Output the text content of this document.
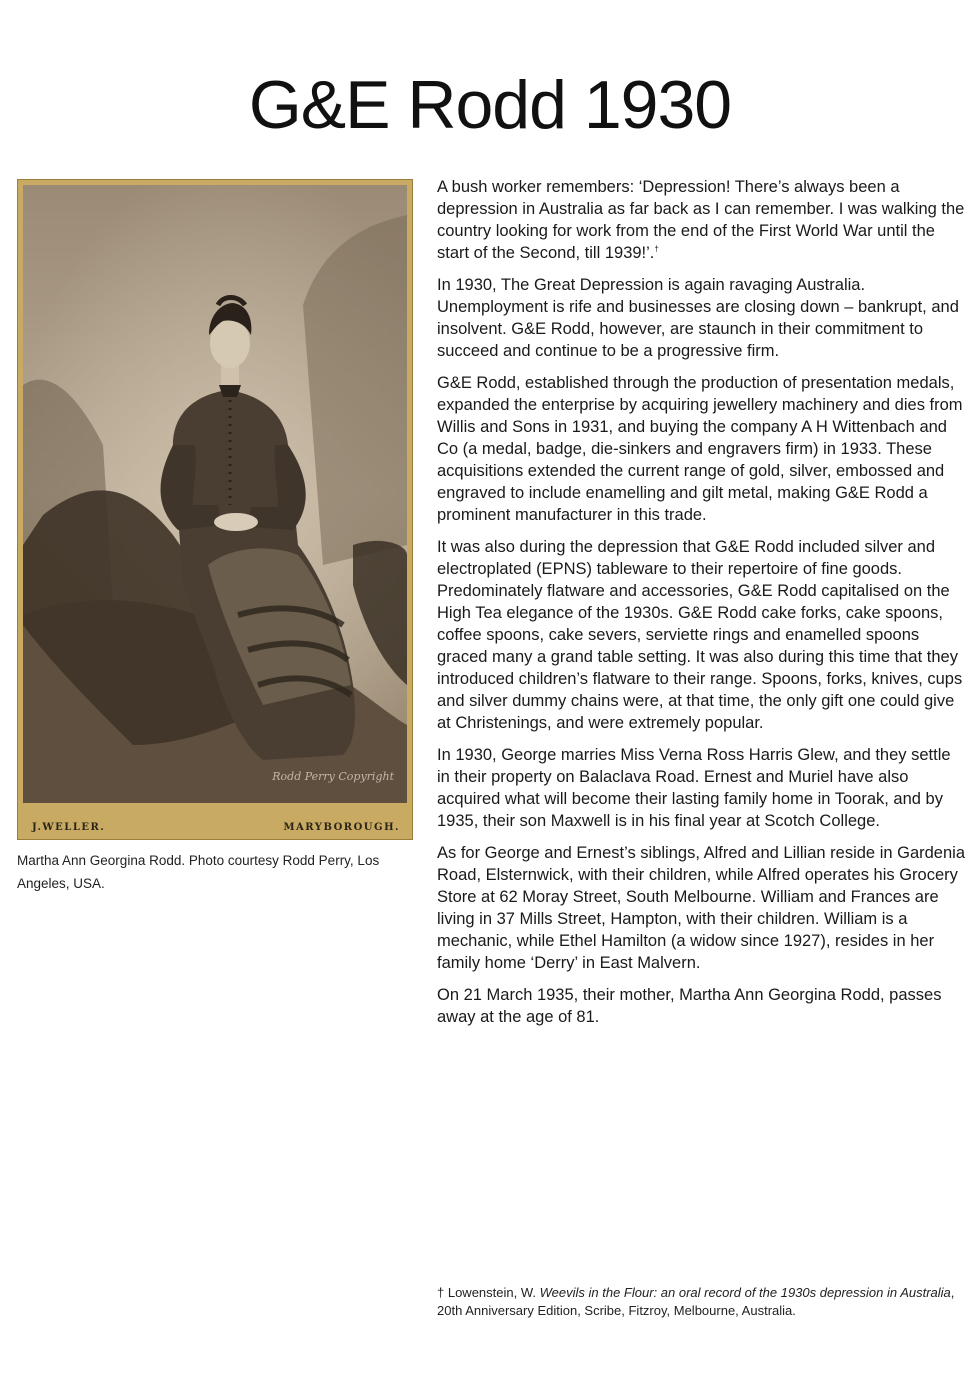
G&E Rodd 1930
Rodd Perry Copyright
J.WELLER.	MARYBOROUGH.
Martha Ann Georgina Rodd. Photo courtesy Rodd Perry, Los Angeles, USA.

A bush worker remembers: ‘Depression! There’s always been a depression in Australia as far back as I can remember. I was walking the country looking for work from the end of the First World War until the start of the Second, till 1939!’.†

In 1930, The Great Depression is again ravaging Australia. Unemployment is rife and businesses are closing down – bankrupt, and insolvent. G&E Rodd, however, are staunch in their commitment to succeed and continue to be a progressive firm.

G&E Rodd, established through the production of presentation medals, expanded the enterprise by acquiring jewellery machinery and dies from Willis and Sons in 1931, and buying the company A H Wittenbach and Co (a medal, badge, die-sinkers and engravers firm) in 1933. These acquisitions extended the current range of gold, silver, embossed and engraved to include enamelling and gilt metal, making G&E Rodd a prominent manufacturer in this trade.

It was also during the depression that G&E Rodd included silver and electroplated (EPNS) tableware to their repertoire of fine goods. Predominately flatware and accessories, G&E Rodd capitalised on the High Tea elegance of the 1930s. G&E Rodd cake forks, cake spoons, coffee spoons, cake severs, serviette rings and enamelled spoons graced many a grand table setting. It was also during this time that they introduced children’s flatware to their range. Spoons, forks, knives, cups and silver dummy chains were, at that time, the only gift one could give at Christenings, and were extremely popular.

In 1930, George marries Miss Verna Ross Harris Glew, and they settle in their property on Balaclava Road. Ernest and Muriel have also acquired what will become their lasting family home in Toorak, and by 1935, their son Maxwell is in his final year at Scotch College.

As for George and Ernest’s siblings, Alfred and Lillian reside in Gardenia Road, Elsternwick, with their children, while Alfred operates his Grocery Store at 62 Moray Street, South Melbourne. William and Frances are living in 37 Mills Street, Hampton, with their children. William is a mechanic, while Ethel Hamilton (a widow since 1927), resides in her family home ‘Derry’ in East Malvern.

On 21 March 1935, their mother, Martha Ann Georgina Rodd, passes away at the age of 81.

† Lowenstein, W. Weevils in the Flour: an oral record of the 1930s depression in Australia, 20th Anniversary Edition, Scribe, Fitzroy, Melbourne, Australia.
